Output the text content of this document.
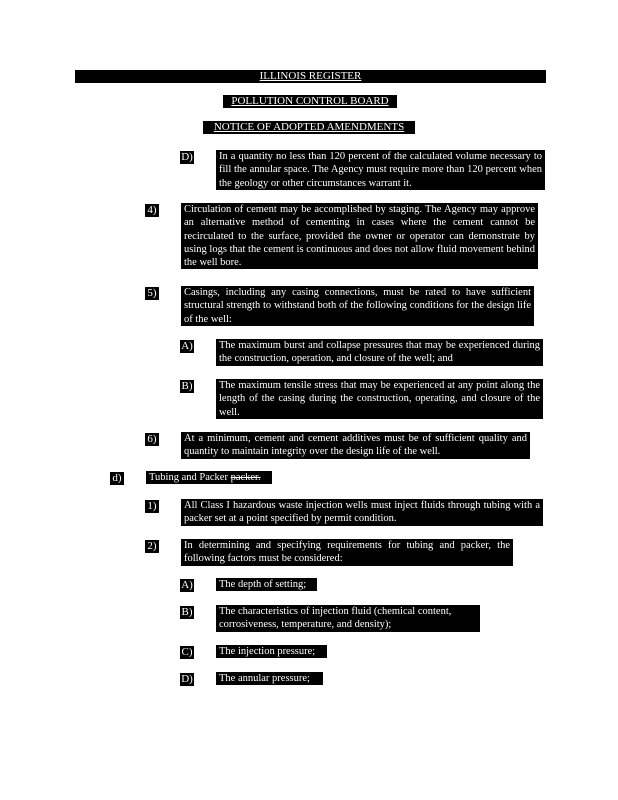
ILLINOIS REGISTER
POLLUTION CONTROL BOARD
NOTICE OF ADOPTED AMENDMENTS
D) In a quantity no less than 120 percent of the calculated volume necessary to fill the annular space. The Agency must require more than 120 percent when the geology or other circumstances warrant it.
4)	Circulation of cement may be accomplished by staging. The Agency may approve an alternative method of cementing in cases where the cement cannot be recirculated to the surface, provided the owner or operator can demonstrate by using logs that the cement is continuous and does not allow fluid movement behind the well bore.
5)	Casings, including any casing connections, must be rated to have sufficient structural strength to withstand both of the following conditions for the design life of the well:
A) The maximum burst and collapse pressures that may be experienced during the construction, operation, and closure of the well; and
B)	The maximum tensile stress that may be experienced at any point along the length of the casing during the construction, operating, and closure of the well.
6)	At a minimum, cement and cement additives must be of sufficient quality and quantity to maintain integrity over the design life of the well.
d)	Tubing and Packer packer.
1)	All Class I hazardous waste injection wells must inject fluids through tubing with a packer set at a point specified by permit condition.
2)	In determining and specifying requirements for tubing and packer, the following factors must be considered:
A) The depth of setting;
B)	The characteristics of injection fluid (chemical content, corrosiveness, temperature, and density);
C)	The injection pressure;
D) The annular pressure;
